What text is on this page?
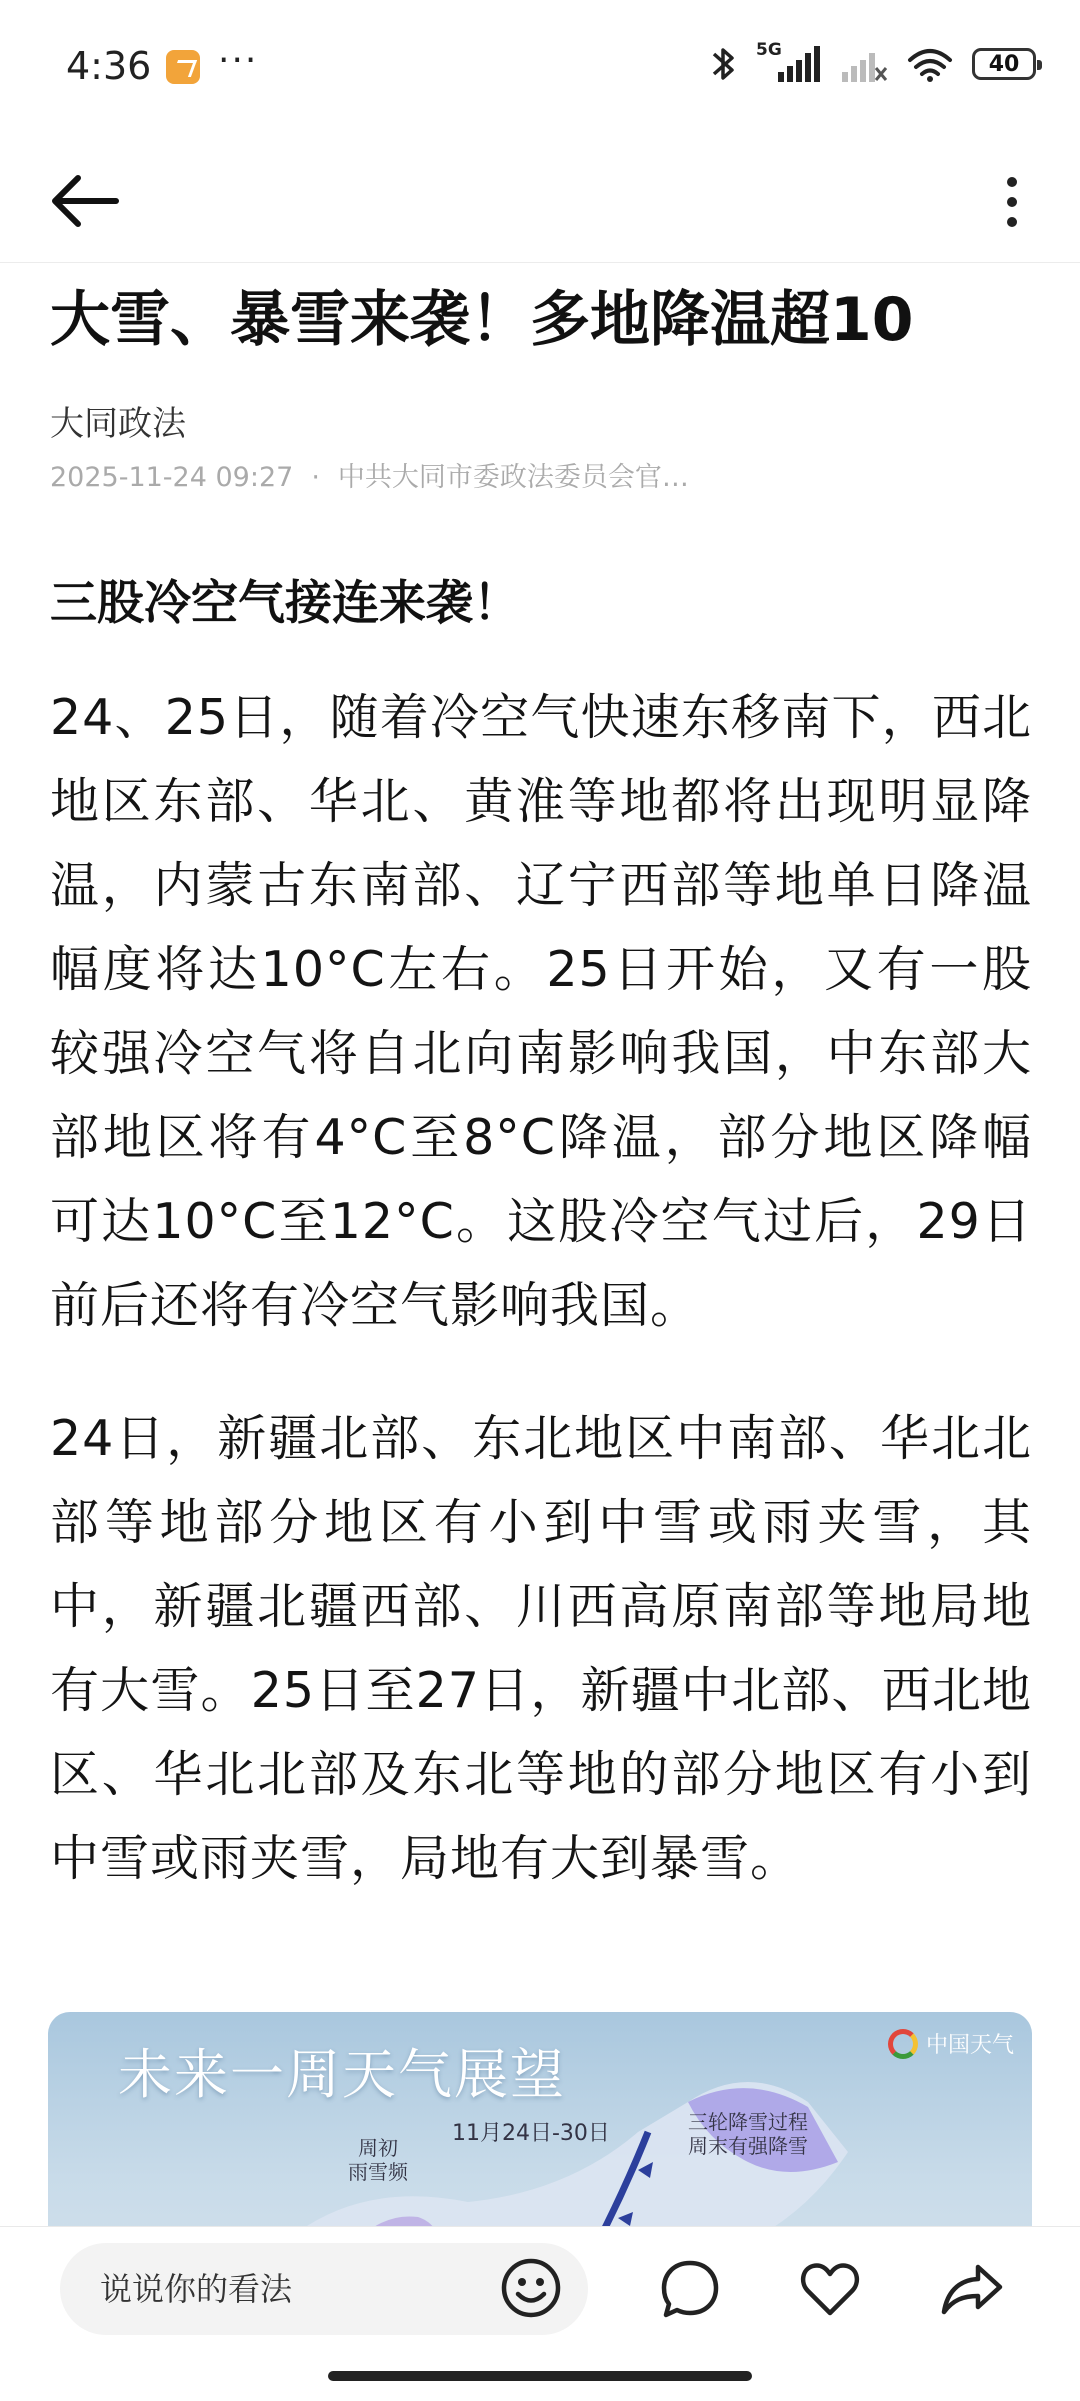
4:36 ···	5G
40
大雪、暴雪来袭！多地降温超10
大同政法
2025-11-24 09:27 · 中共大同市委政法委员会官…
三股冷空气接连来袭！

24、25日，随着冷空气快速东移南下，西北地区东部、华北、黄淮等地都将出现明显降温，内蒙古东南部、辽宁西部等地单日降温幅度将达10°C左右。25日开始，又有一股较强冷空气将自北向南影响我国，中东部大部地区将有4°C至8°C降温，部分地区降幅可达10°C至12°C。这股冷空气过后，29日前后还将有冷空气影响我国。

24日，新疆北部、东北地区中南部、华北北部等地部分地区有小到中雪或雨夹雪，其中，新疆北疆西部、川西高原南部等地局地有大雪。25日至27日，新疆中北部、西北地区、华北北部及东北等地的部分地区有小到中雪或雨夹雪，局地有大到暴雪。

未来一周天气展望	中国天气
11月24日-30日
周初
雨雪频
三轮降雪过程
周末有强降雪
说说你的看法
